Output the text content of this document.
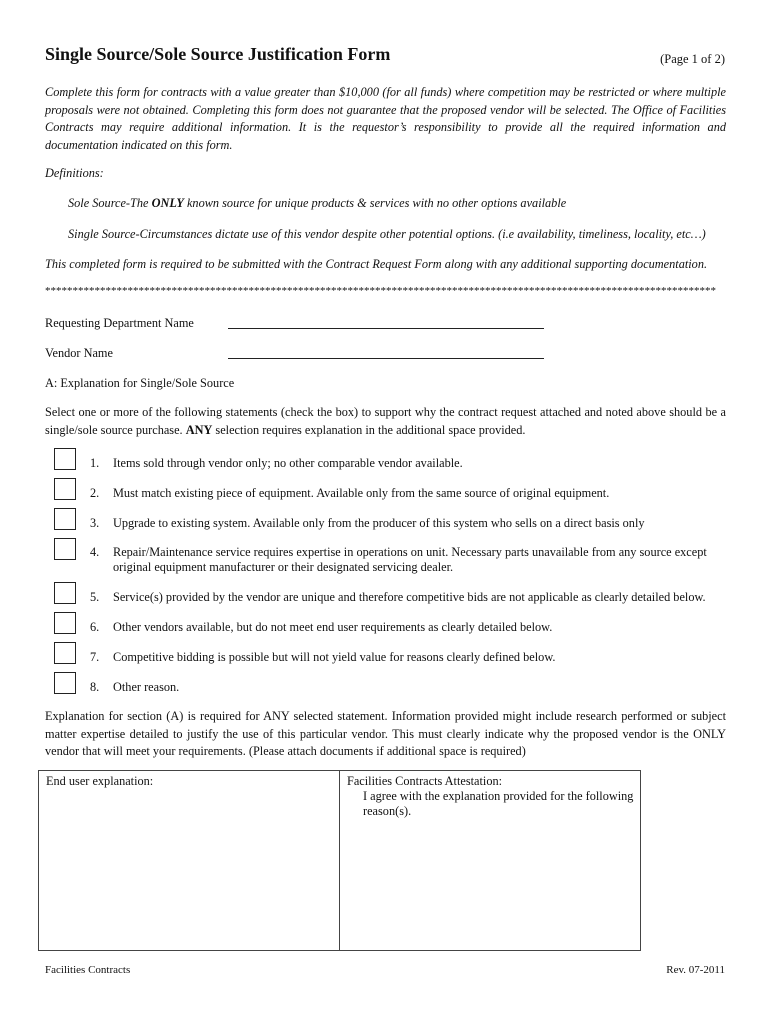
Single Source/Sole Source Justification Form	(Page 1 of 2)
Complete this form for contracts with a value greater than $10,000 (for all funds) where competition may be restricted or where multiple proposals were not obtained. Completing this form does not guarantee that the proposed vendor will be selected. The Office of Facilities Contracts may require additional information. It is the requestor’s responsibility to provide all the required information and documentation indicated on this form.
Definitions:
Sole Source-The ONLY known source for unique products & services with no other options available
Single Source-Circumstances dictate use of this vendor despite other potential options. (i.e availability, timeliness, locality, etc…)
This completed form is required to be submitted with the Contract Request Form along with any additional supporting documentation.
**************************************************************************************************************************
Requesting Department Name
Vendor Name
A: Explanation for Single/Sole Source
Select one or more of the following statements (check the box) to support why the contract request attached and noted above should be a single/sole source purchase. ANY selection requires explanation in the additional space provided.
1. Items sold through vendor only; no other comparable vendor available.
2. Must match existing piece of equipment. Available only from the same source of original equipment.
3. Upgrade to existing system. Available only from the producer of this system who sells on a direct basis only
4. Repair/Maintenance service requires expertise in operations on unit. Necessary parts unavailable from any source except original equipment manufacturer or their designated servicing dealer.
5. Service(s) provided by the vendor are unique and therefore competitive bids are not applicable as clearly detailed below.
6. Other vendors available, but do not meet end user requirements as clearly detailed below.
7. Competitive bidding is possible but will not yield value for reasons clearly defined below.
8. Other reason.
Explanation for section (A) is required for ANY selected statement. Information provided might include research performed or subject matter expertise detailed to justify the use of this particular vendor. This must clearly indicate why the proposed vendor is the ONLY vendor that will meet your requirements. (Please attach documents if additional space is required)
End user explanation:	Facilities Contracts Attestation:
I agree with the explanation provided for the following reason(s).
Facilities Contracts	Rev. 07-2011
